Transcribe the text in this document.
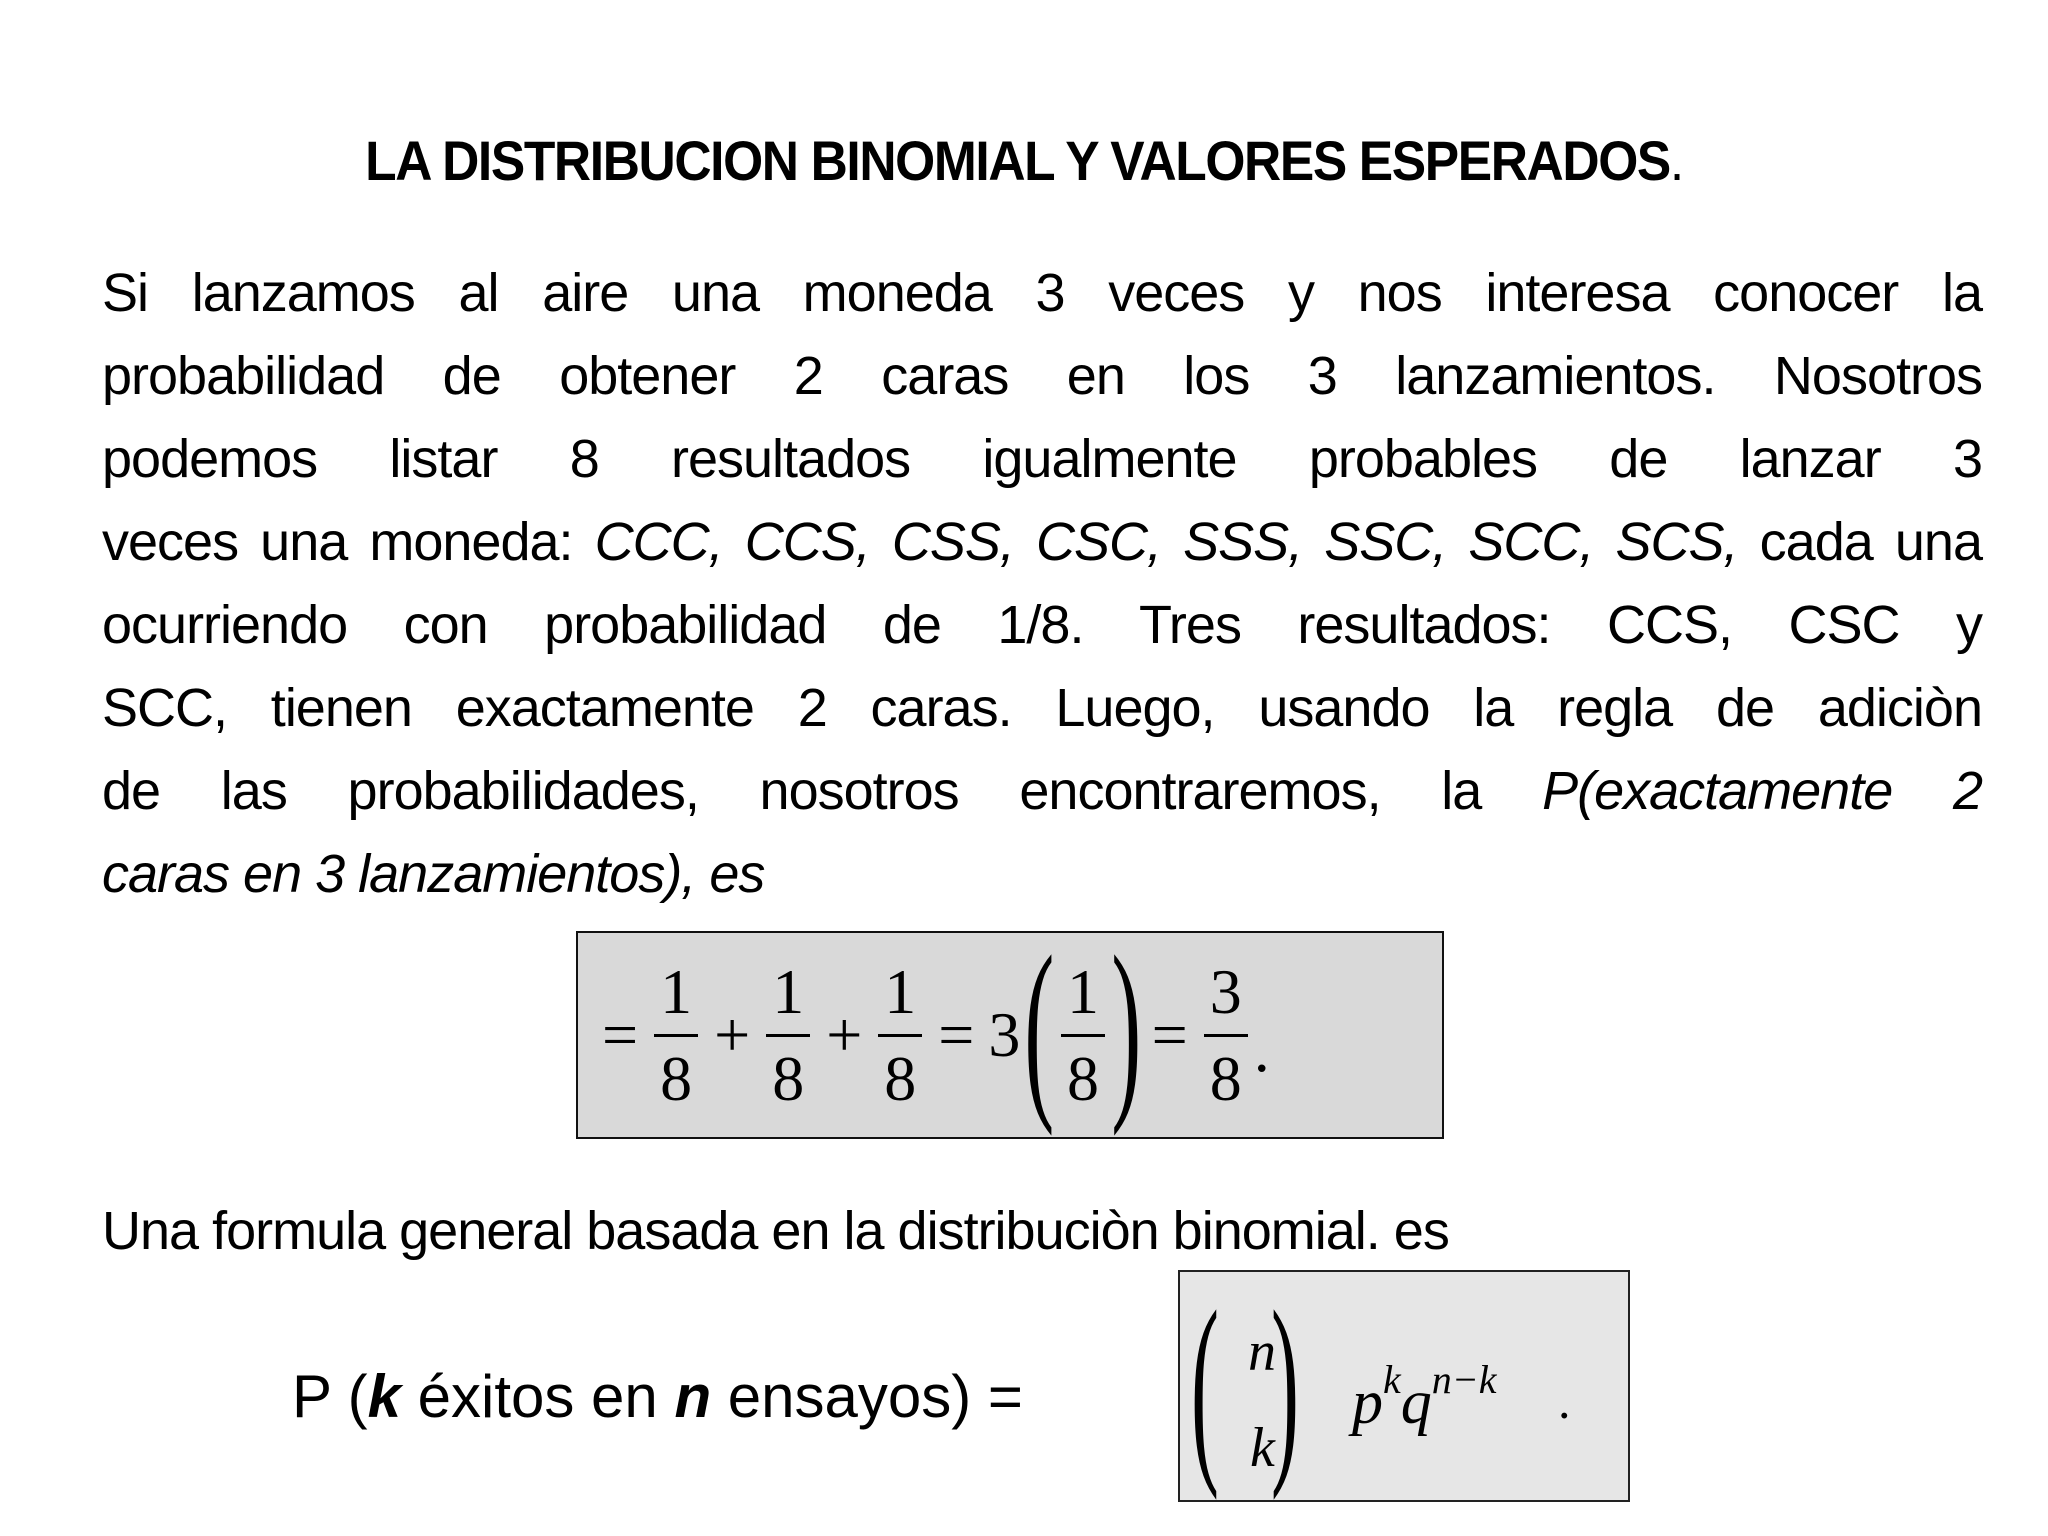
LA DISTRIBUCION BINOMIAL Y VALORES ESPERADOS.
Si lanzamos al aire una moneda 3 veces y nos interesa conocer la
probabilidad de obtener 2 caras en los 3 lanzamientos. Nosotros
podemos listar 8 resultados igualmente probables de lanzar 3
veces una moneda: CCC, CCS, CSS, CSC, SSS, SSC, SCC, SCS, cada una
ocurriendo con probabilidad de 1/8. Tres resultados: CCS, CSC y
SCC, tienen exactamente 2 caras. Luego, usando la regla de adiciòn
de las probabilidades, nosotros encontraremos, la P(exactamente 2
caras en 3 lanzamientos), es
= $\frac{1}{8} + \frac{1}{8} + \frac{1}{8} = 3$ ( $\frac{1}{8}$ ) = $\frac{3}{8}$ .
Una formula general basada en la distribuciòn binomial. es
P (k éxitos en n ensayos) = ( n
k
) $p^kq^{n-k}$ .
